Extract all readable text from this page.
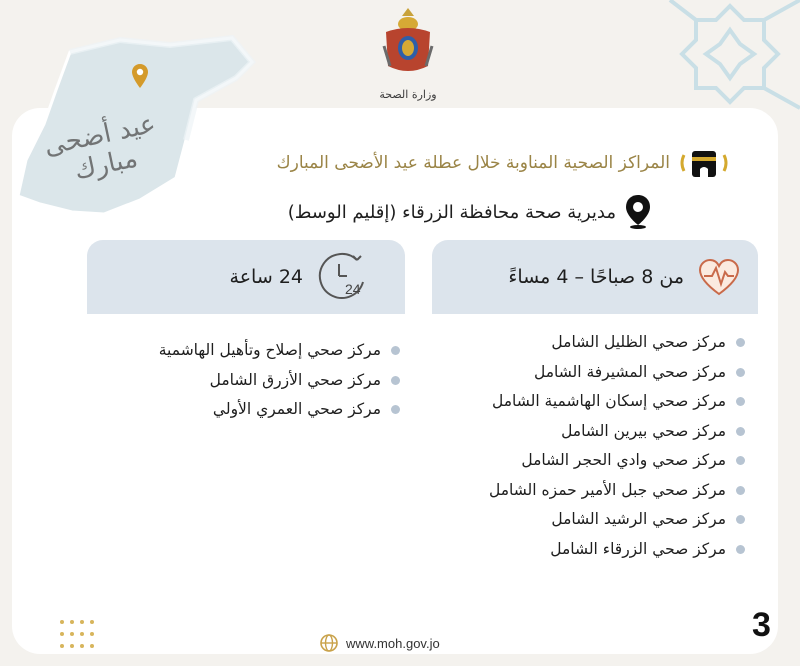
عيد أضحى مبارك
وزارة الصحة
المراكز الصحية المناوبة خلال عطلة عيد الأضحى المبارك
مديرية صحة محافظة الزرقاء (إقليم الوسط)
من 8 صباحًا – 4 مساءً
24
24 ساعة
مركز صحي الظليل الشامل
مركز صحي المشيرفة الشامل
مركز صحي إسكان الهاشمية الشامل
مركز صحي بيرين الشامل
مركز صحي وادي الحجر الشامل
مركز صحي جبل الأمير حمزه الشامل
مركز صحي الرشيد الشامل
مركز صحي الزرقاء الشامل
مركز صحي إصلاح وتأهيل الهاشمية
مركز صحي الأزرق الشامل
مركز صحي العمري الأولي
www.moh.gov.jo	3
